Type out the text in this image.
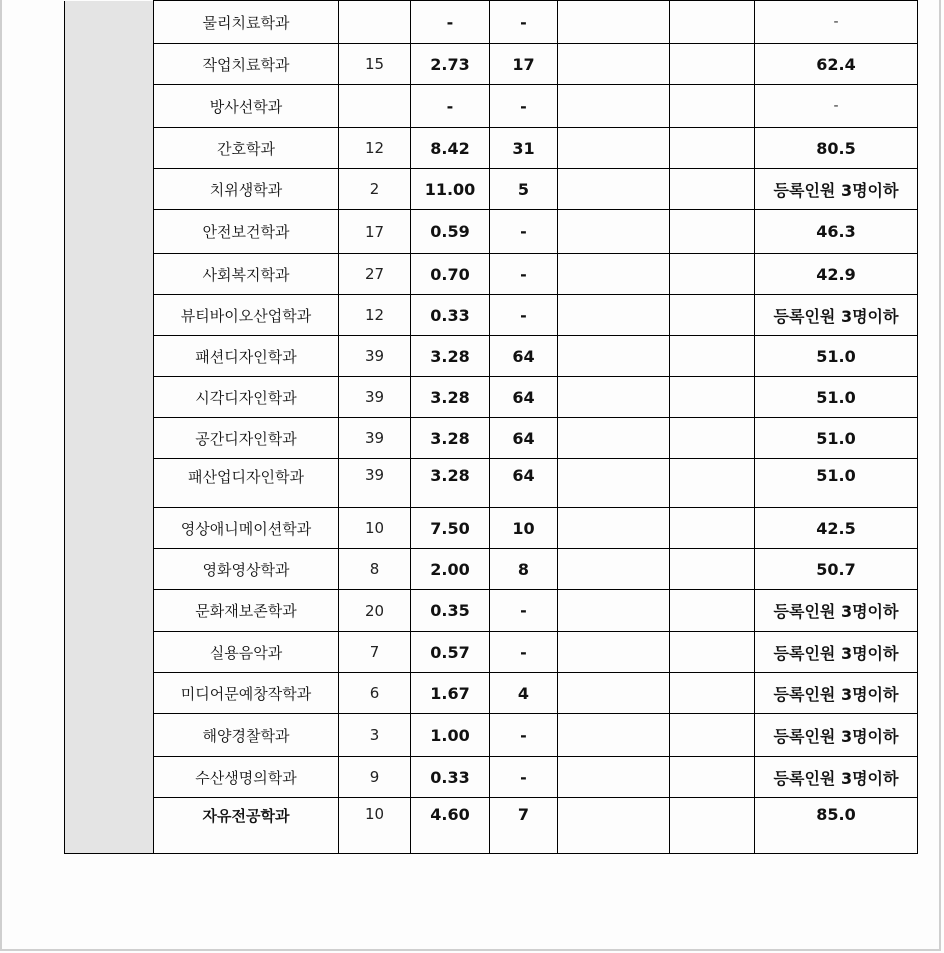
	물리치료학과		-	-			-
	작업치료학과	15	2.73	17			62.4
	방사선학과		-	-			-
	간호학과	12	8.42	31			80.5
	치위생학과	2	11.00	5			등록인원 3명이하
	안전보건학과	17	0.59	-			46.3
	사회복지학과	27	0.70	-			42.9
	뷰티바이오산업학과	12	0.33	-			등록인원 3명이하
	패션디자인학과	39	3.28	64			51.0
	시각디자인학과	39	3.28	64			51.0
	공간디자인학과	39	3.28	64			51.0
	패산업디자인학과	39	3.28	64			51.0
	영상애니메이션학과	10	7.50	10			42.5
	영화영상학과	8	2.00	8			50.7
	문화재보존학과	20	0.35	-			등록인원 3명이하
	실용음악과	7	0.57	-			등록인원 3명이하
	미디어문예창작학과	6	1.67	4			등록인원 3명이하
	해양경찰학과	3	1.00	-			등록인원 3명이하
	수산생명의학과	9	0.33	-			등록인원 3명이하
	자유전공학과	10	4.60	7			85.0
